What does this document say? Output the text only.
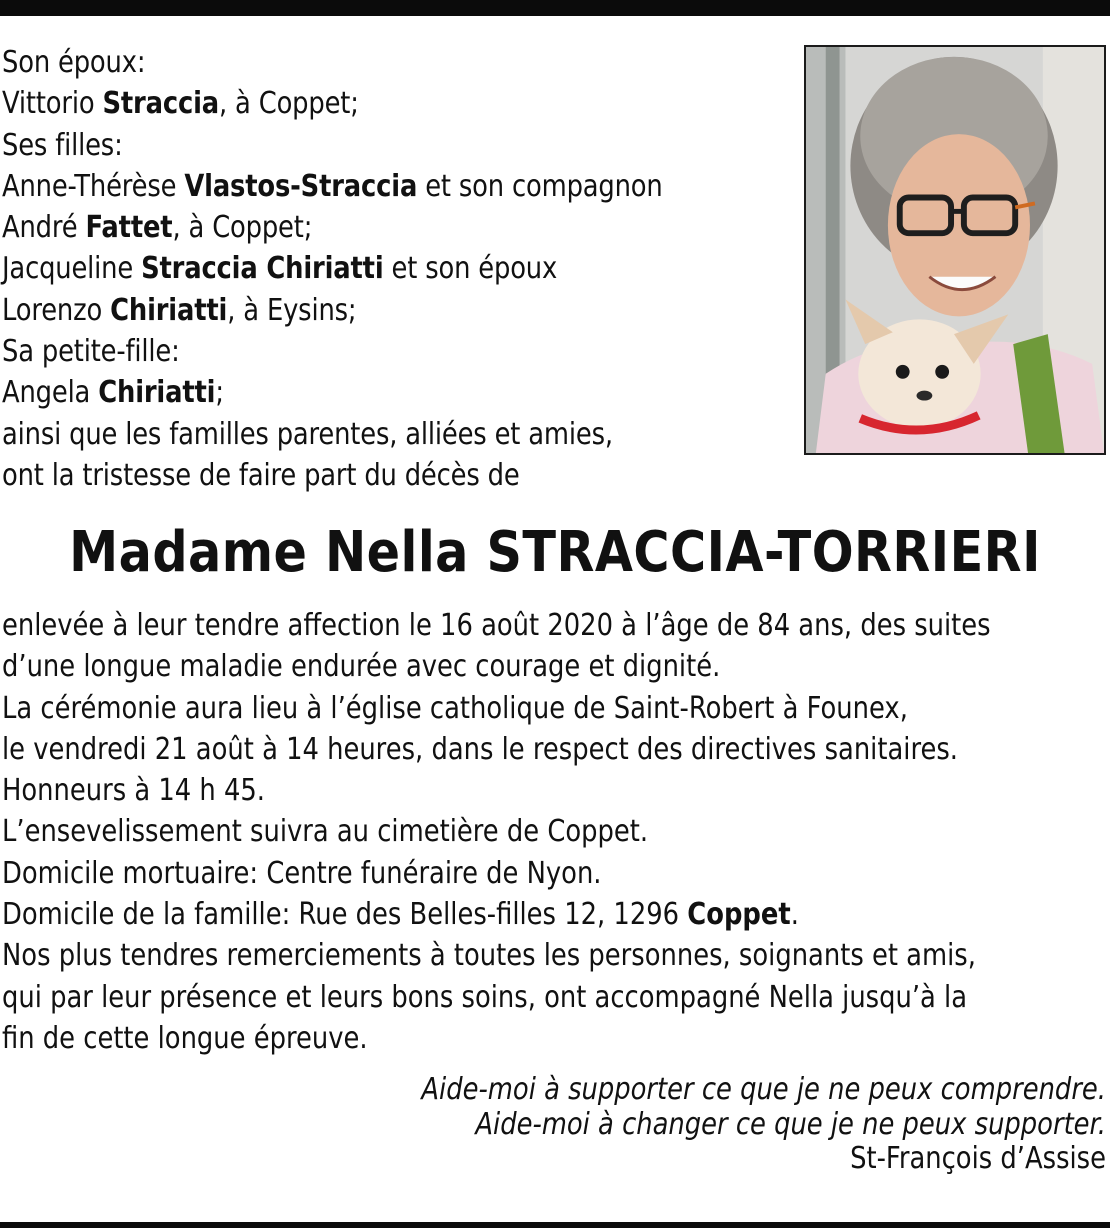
Son époux:
Vittorio Straccia, à Coppet;
Ses filles:
Anne-Thérèse Vlastos-Straccia et son compagnon
André Fattet, à Coppet;
Jacqueline Straccia Chiriatti et son époux
Lorenzo Chiriatti, à Eysins;
Sa petite-fille:
Angela Chiriatti;
ainsi que les familles parentes, alliées et amies,
ont la tristesse de faire part du décès de
Madame Nella STRACCIA-TORRIERI
enlevée à leur tendre affection le 16 août 2020 à l’âge de 84 ans, des suites
d’une longue maladie endurée avec courage et dignité.
La cérémonie aura lieu à l’église catholique de Saint-Robert à Founex,
le vendredi 21 août à 14 heures, dans le respect des directives sanitaires.
Honneurs à 14 h 45.
L’ensevelissement suivra au cimetière de Coppet.
Domicile mortuaire: Centre funéraire de Nyon.
Domicile de la famille: Rue des Belles-filles 12, 1296 Coppet.
Nos plus tendres remerciements à toutes les personnes, soignants et amis,
qui par leur présence et leurs bons soins, ont accompagné Nella jusqu’à la
fin de cette longue épreuve.
Aide-moi à supporter ce que je ne peux comprendre.
Aide-moi à changer ce que je ne peux supporter.
St-François d’Assise
